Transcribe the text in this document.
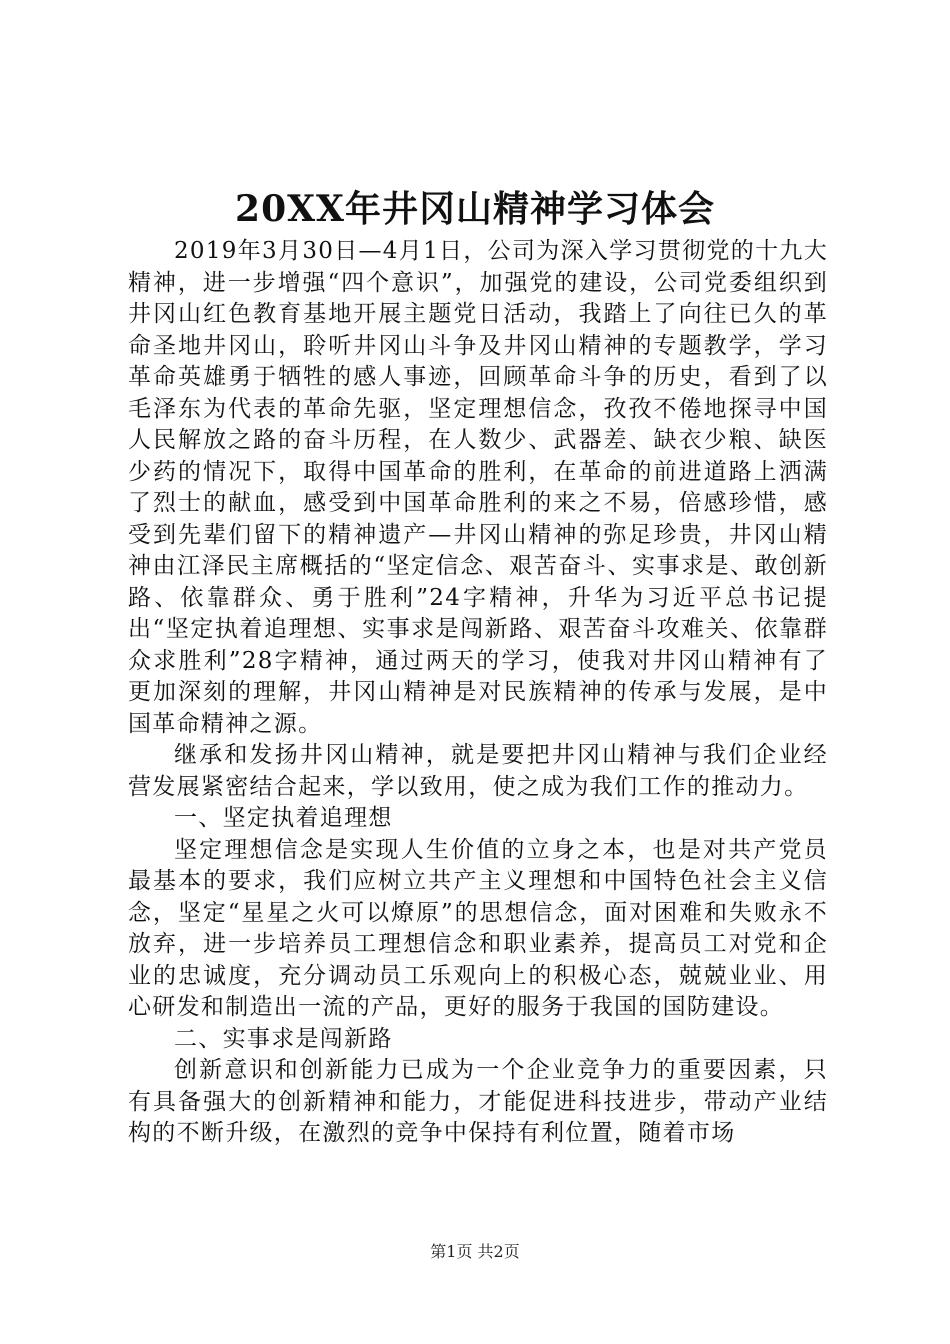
20XX年井冈山精神学习体会

2019年3月30日—4月1日，公司为深入学习贯彻党的十九大精神，进一步增强“四个意识”，加强党的建设，公司党委组织到井冈山红色教育基地开展主题党日活动，我踏上了向往已久的革命圣地井冈山，聆听井冈山斗争及井冈山精神的专题教学，学习革命英雄勇于牺牲的感人事迹，回顾革命斗争的历史，看到了以毛泽东为代表的革命先驱，坚定理想信念，孜孜不倦地探寻中国人民解放之路的奋斗历程，在人数少、武器差、缺衣少粮、缺医少药的情况下，取得中国革命的胜利，在革命的前进道路上洒满了烈士的献血，感受到中国革命胜利的来之不易，倍感珍惜，感受到先辈们留下的精神遗产—井冈山精神的弥足珍贵，井冈山精神由江泽民主席概括的“坚定信念、艰苦奋斗、实事求是、敢创新路、依靠群众、勇于胜利”24字精神，升华为习近平总书记提出“坚定执着追理想、实事求是闯新路、艰苦奋斗攻难关、依靠群众求胜利”28字精神，通过两天的学习，使我对井冈山精神有了更加深刻的理解，井冈山精神是对民族精神的传承与发展，是中国革命精神之源。

继承和发扬井冈山精神，就是要把井冈山精神与我们企业经营发展紧密结合起来，学以致用，使之成为我们工作的推动力。

一、坚定执着追理想

坚定理想信念是实现人生价值的立身之本，也是对共产党员最基本的要求，我们应树立共产主义理想和中国特色社会主义信念，坚定“星星之火可以燎原”的思想信念，面对困难和失败永不放弃，进一步培养员工理想信念和职业素养，提高员工对党和企业的忠诚度，充分调动员工乐观向上的积极心态，兢兢业业、用心研发和制造出一流的产品，更好的服务于我国的国防建设。

二、实事求是闯新路

创新意识和创新能力已成为一个企业竞争力的重要因素，只有具备强大的创新精神和能力，才能促进科技进步，带动产业结构的不断升级，在激烈的竞争中保持有利位置，随着市场

第1页 共2页
